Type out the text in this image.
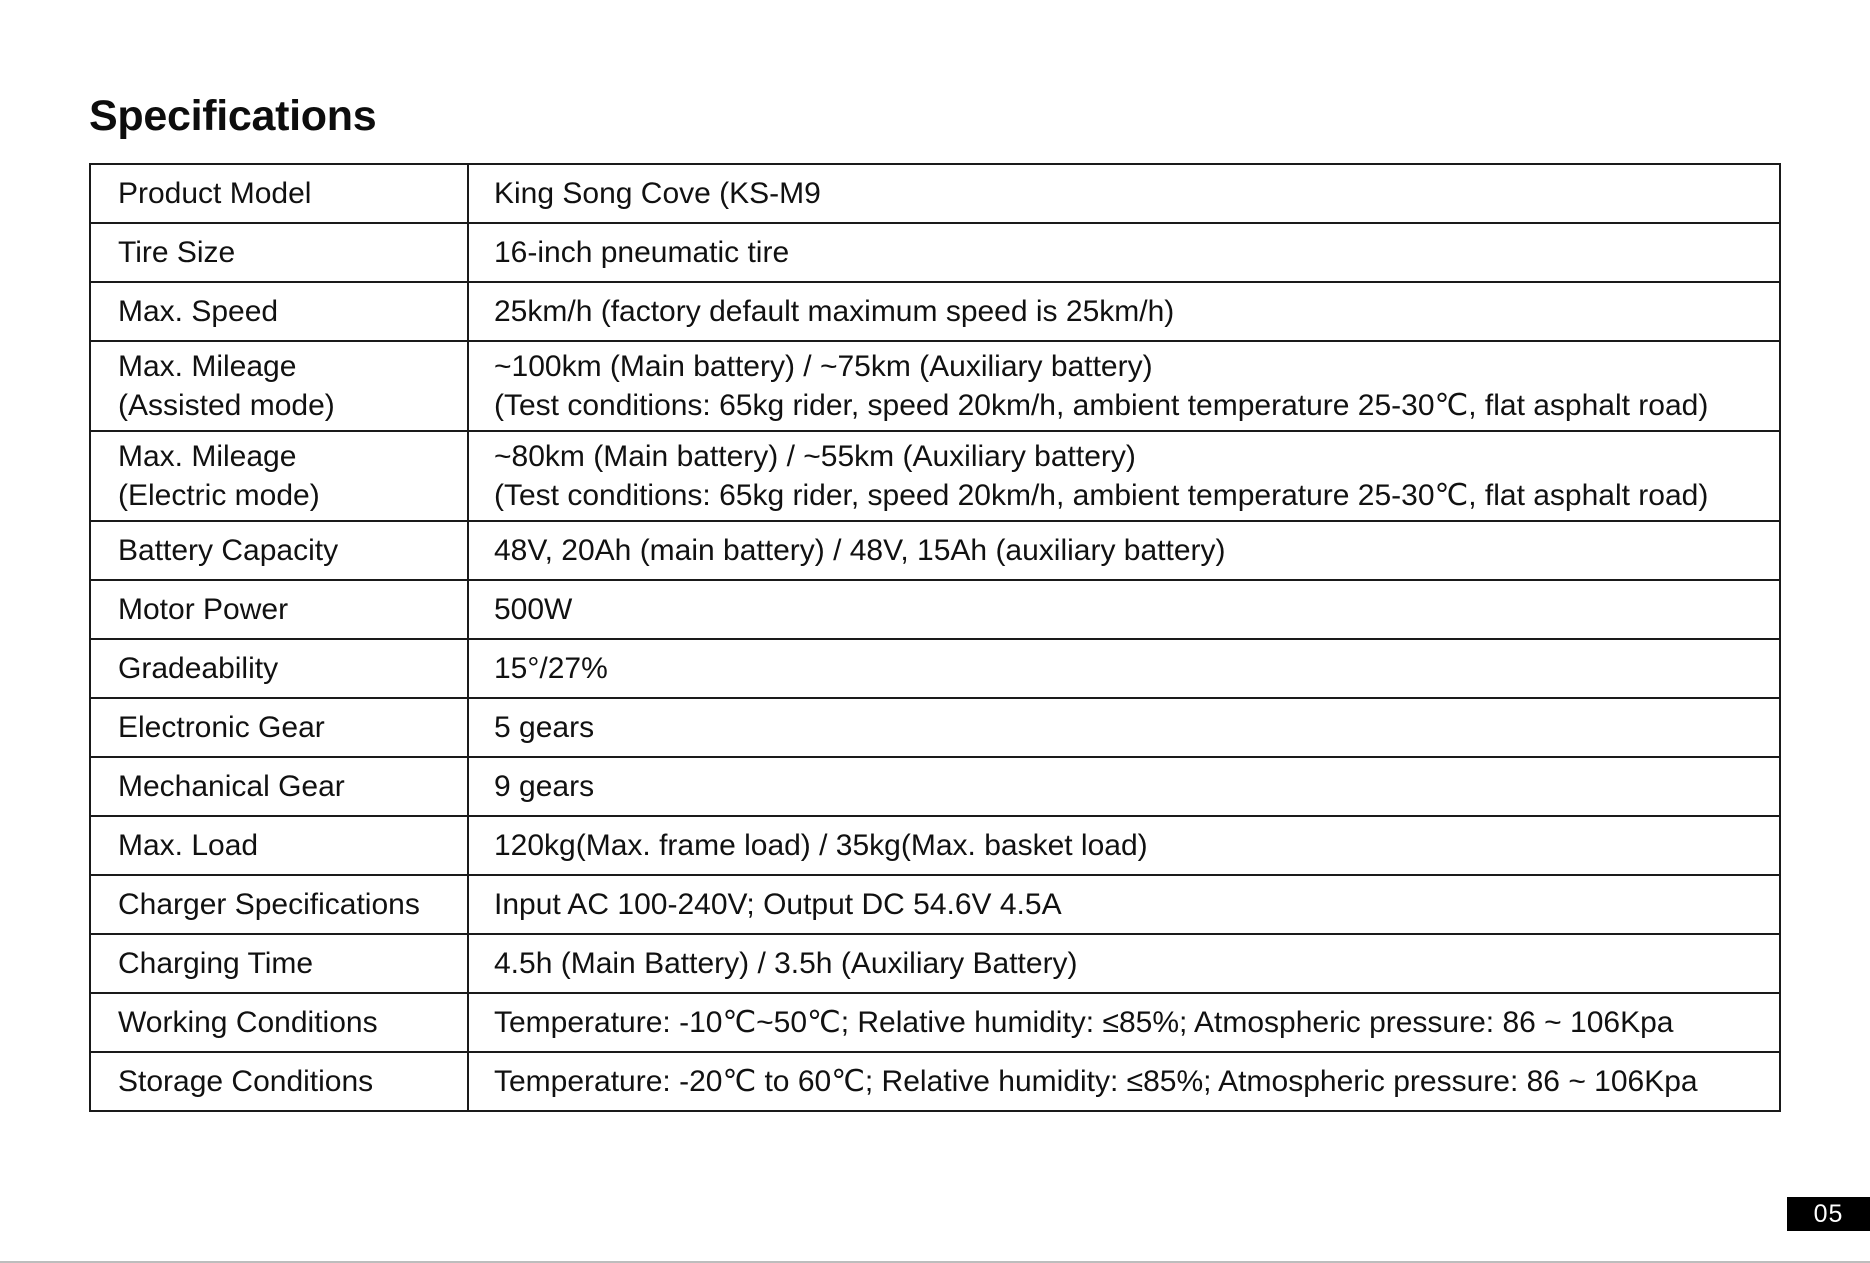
Specifications
Product Model	King Song Cove (KS-M9

Tire Size	16-inch pneumatic tire

Max. Speed	25km/h (factory default maximum speed is 25km/h)

Max. Mileage
(Assisted mode)	~100km (Main battery) / ~75km (Auxiliary battery)
(Test conditions: 65kg rider, speed 20km/h, ambient temperature 25-30℃, flat asphalt road)

Max. Mileage
(Electric mode)	~80km (Main battery) / ~55km (Auxiliary battery)
(Test conditions: 65kg rider, speed 20km/h, ambient temperature 25-30℃, flat asphalt road)

Battery Capacity	48V, 20Ah (main battery) / 48V, 15Ah (auxiliary battery)

Motor Power	500W

Gradeability	15°/27%

Electronic Gear	5 gears

Mechanical Gear	9 gears

Max. Load	120kg(Max. frame load) / 35kg(Max. basket load)

Charger Specifications	Input AC 100-240V; Output DC 54.6V 4.5A

Charging Time	4.5h (Main Battery) / 3.5h (Auxiliary Battery)

Working Conditions	Temperature: -10℃~50℃; Relative humidity: ≤85%; Atmospheric pressure: 86 ~ 106Kpa

Storage Conditions	Temperature: -20℃ to 60℃; Relative humidity: ≤85%; Atmospheric pressure: 86 ~ 106Kpa
05
